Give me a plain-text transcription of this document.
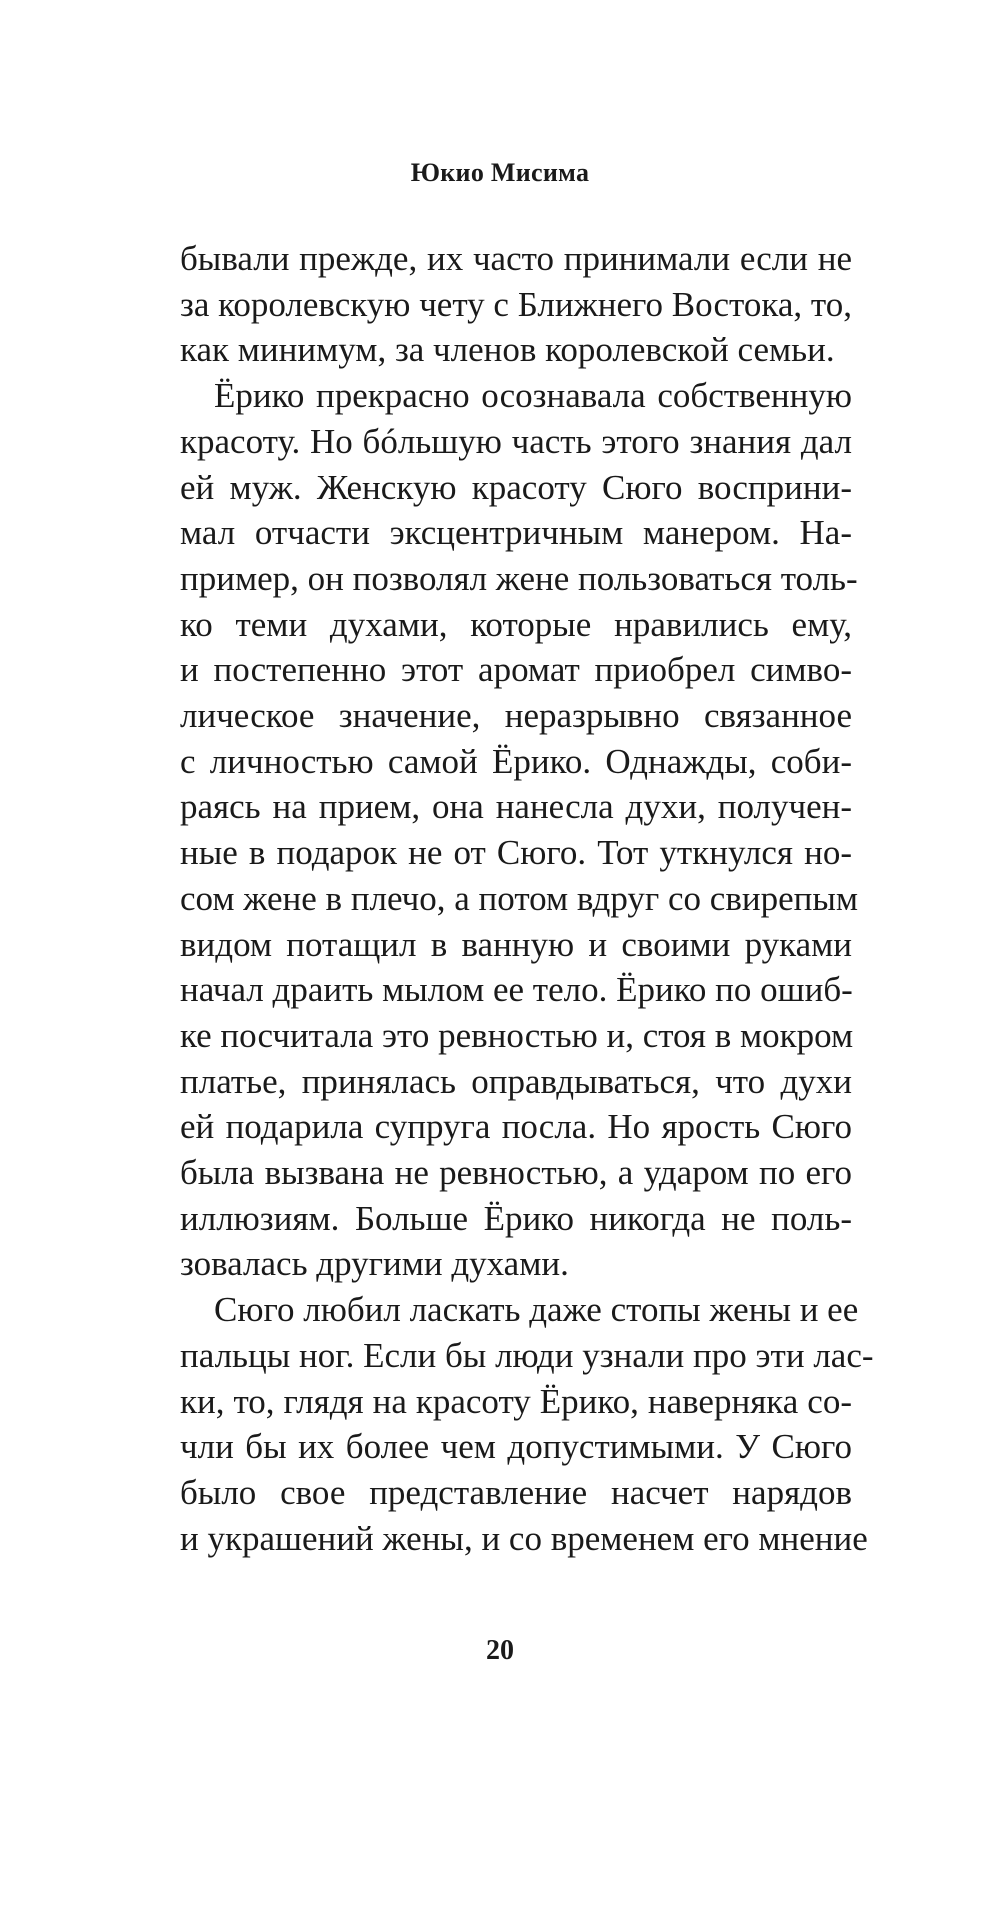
Юкио Мисима

бывали прежде, их часто принимали если не
за королевскую чету с Ближнего Востока, то,
как минимум, за членов королевской семьи.

Ёрико прекрасно осознавала собственную
красоту. Но бóльшую часть этого знания дал
ей муж. Женскую красоту Сюго восприни-
мал отчасти эксцентричным манером. На-
пример, он позволял жене пользоваться толь-
ко теми духами, которые нравились ему,
и постепенно этот аромат приобрел симво-
лическое значение, неразрывно связанное
с личностью самой Ёрико. Однажды, соби-
раясь на прием, она нанесла духи, получен-
ные в подарок не от Сюго. Тот уткнулся но-
сом жене в плечо, а потом вдруг со свирепым
видом потащил в ванную и своими руками
начал драить мылом ее тело. Ёрико по ошиб-
ке посчитала это ревностью и, стоя в мокром
платье, принялась оправдываться, что духи
ей подарила супруга посла. Но ярость Сюго
была вызвана не ревностью, а ударом по его
иллюзиям. Больше Ёрико никогда не поль-
зовалась другими духами.

Сюго любил ласкать даже стопы жены и ее
пальцы ног. Если бы люди узнали про эти лас-
ки, то, глядя на красоту Ёрико, наверняка со-
чли бы их более чем допустимыми. У Сюго
было свое представление насчет нарядов
и украшений жены, и со временем его мнение

20
